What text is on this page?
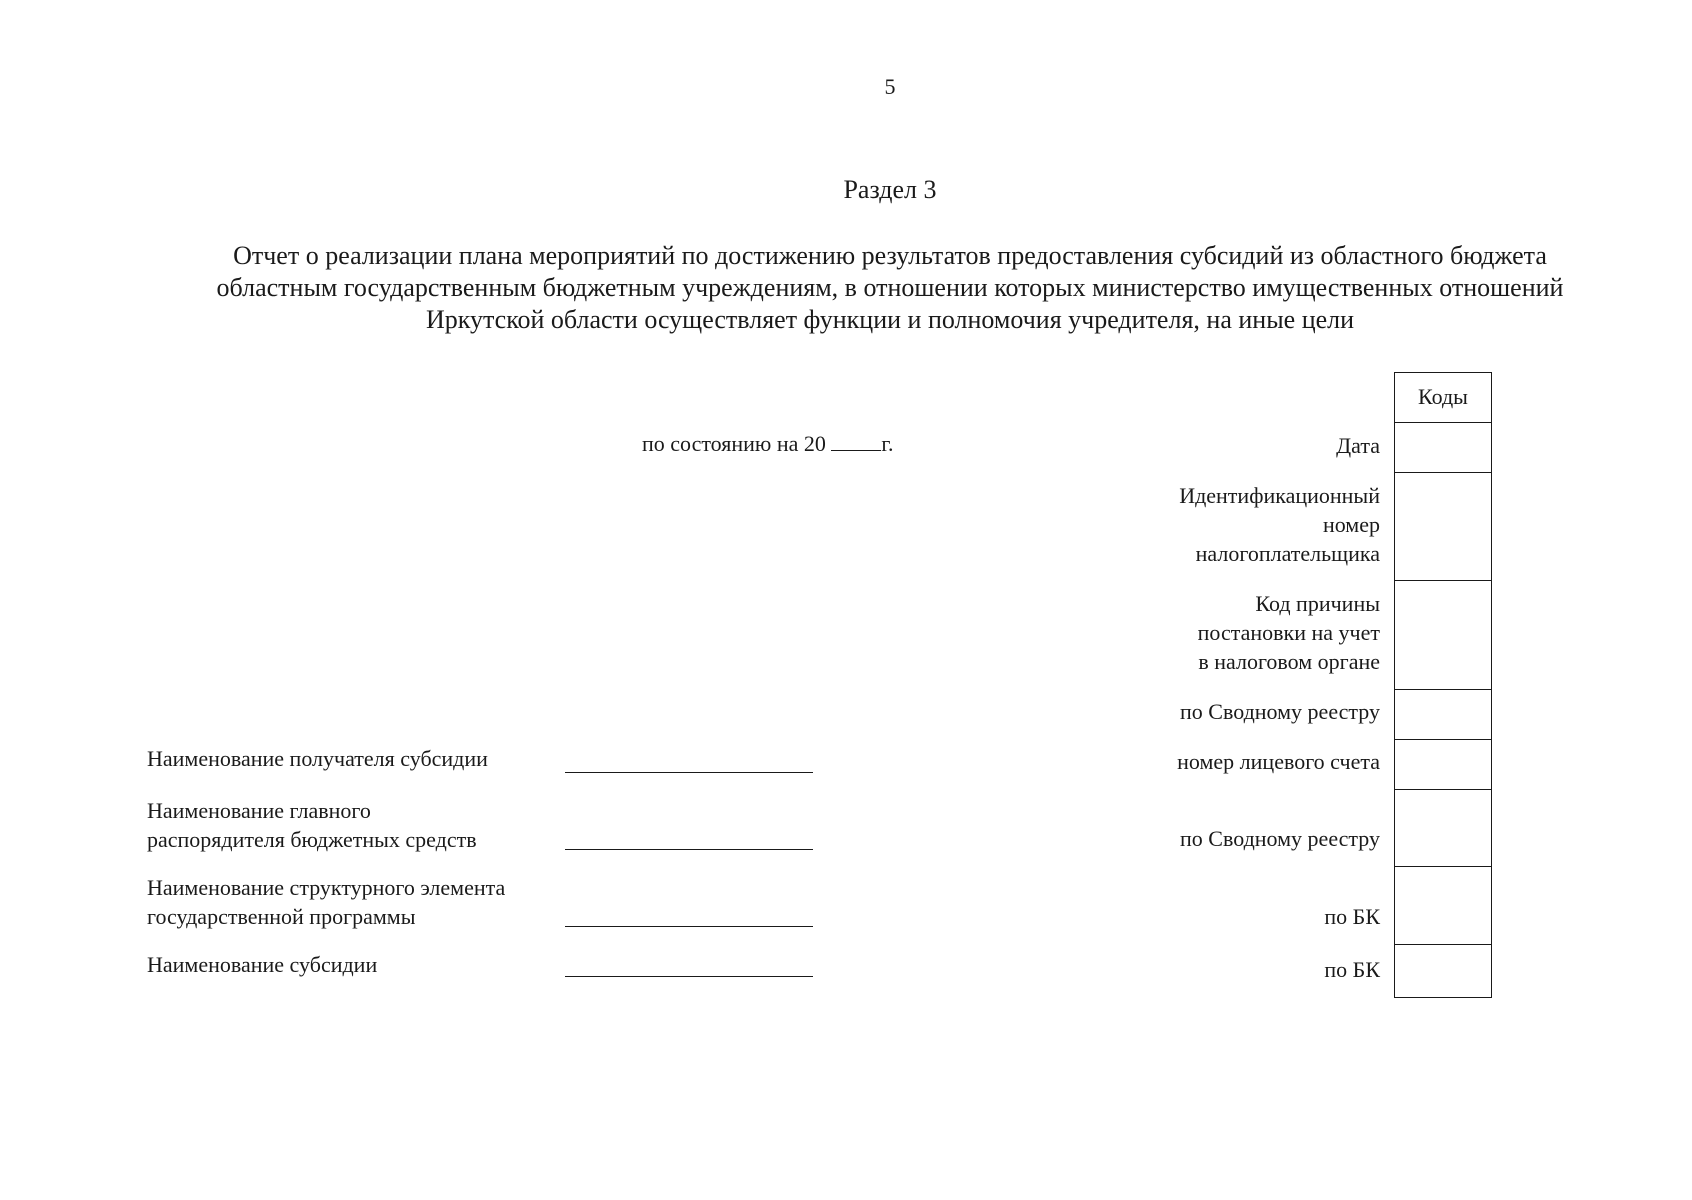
5
Раздел 3
Отчет о реализации плана мероприятий по достижению результатов предоставления субсидий из областного бюджета
областным государственным бюджетным учреждениям, в отношении которых министерство имущественных отношений
Иркутской области осуществляет функции и полномочия учредителя, на иные цели
по состоянию на 20	г.
Коды
Дата
Идентификационный
номер
налогоплательщика
Код причины
постановки на учет
в налоговом органе
по Сводному реестру
номер лицевого счета
по Сводному реестру
по БК
по БК
Наименование получателя субсидии
Наименование главного
распорядителя бюджетных средств
Наименование структурного элемента
государственной программы
Наименование субсидии
